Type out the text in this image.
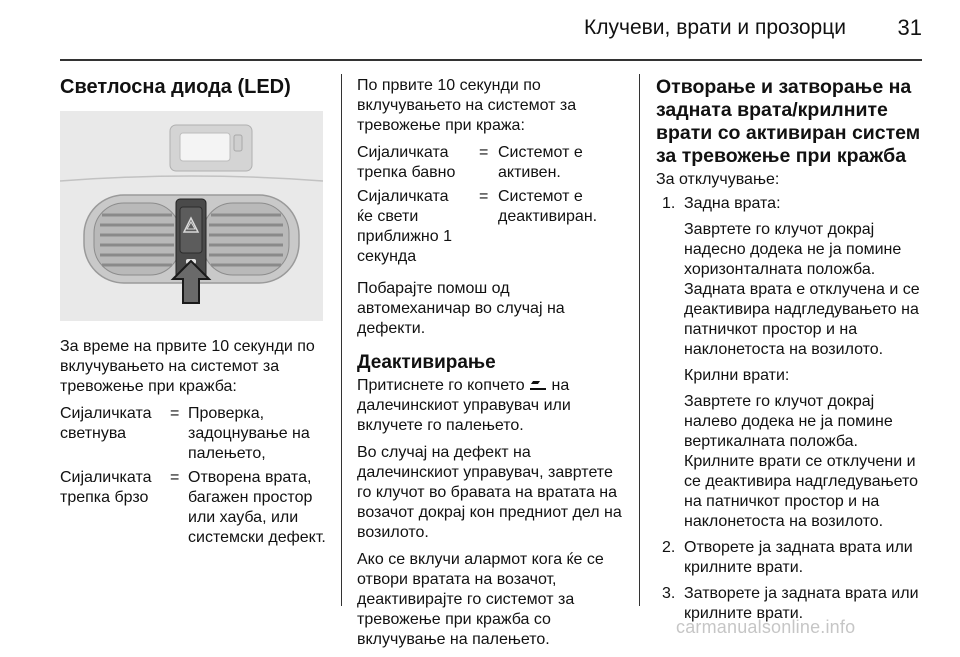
Клучеви, врати и прозорци	31
Светлосна диода (LED)

За време на првите 10 секунди по вклучувањето на системот за тревожење при кражба:

Сијаличката светнува
= Проверка, задоцнување на палењето,
Сијаличката трепка брзо
= Отворена врата, багажен простор или хауба, или системски дефект.

По првите 10 секунди по вклучувањето на системот за тревожење при кража:

Сијаличката трепка бавно
= Системот е активен.
Сијаличката ќе свети приближно 1 секунда
= Системот е деактивиран.

Побарајте помош од автомеханичар во случај на дефекти.

Деактивирање

Притиснете го копчето на далечинскиот управувач или вклучете го палењето.

Во случај на дефект на далечинскиот управувач, завртете го клучот во бравата на вратата на возачот докрај кон предниот дел на возилото.

Ако се вклучи алармот кога ќе се отвори вратата на возачот, деактивирајте го системот за тревожење при кражба со вклучување на палењето.

Отворање и затворање на задната врата/крилните врати со активиран систем за тревожење при кражба

За отклучување:

1. Задна врата:

Завртете го клучот докрај надесно додека не ја помине хоризонталната положба. Задната врата е отклучена и се деактивира надгледувањето на патничкот простор и на наклонетоста на возилото.

Крилни врати:

Завртете го клучот докрај налево додека не ја помине вертикалната положба. Крилните врати се отклучени и се деактивира надгледувањето на патничкот простор и на наклонетоста на возилото.

2. Отворете ја задната врата или крилните врати.

3. Затворете ја задната врата или крилните врати.

carmanualsonline.info
